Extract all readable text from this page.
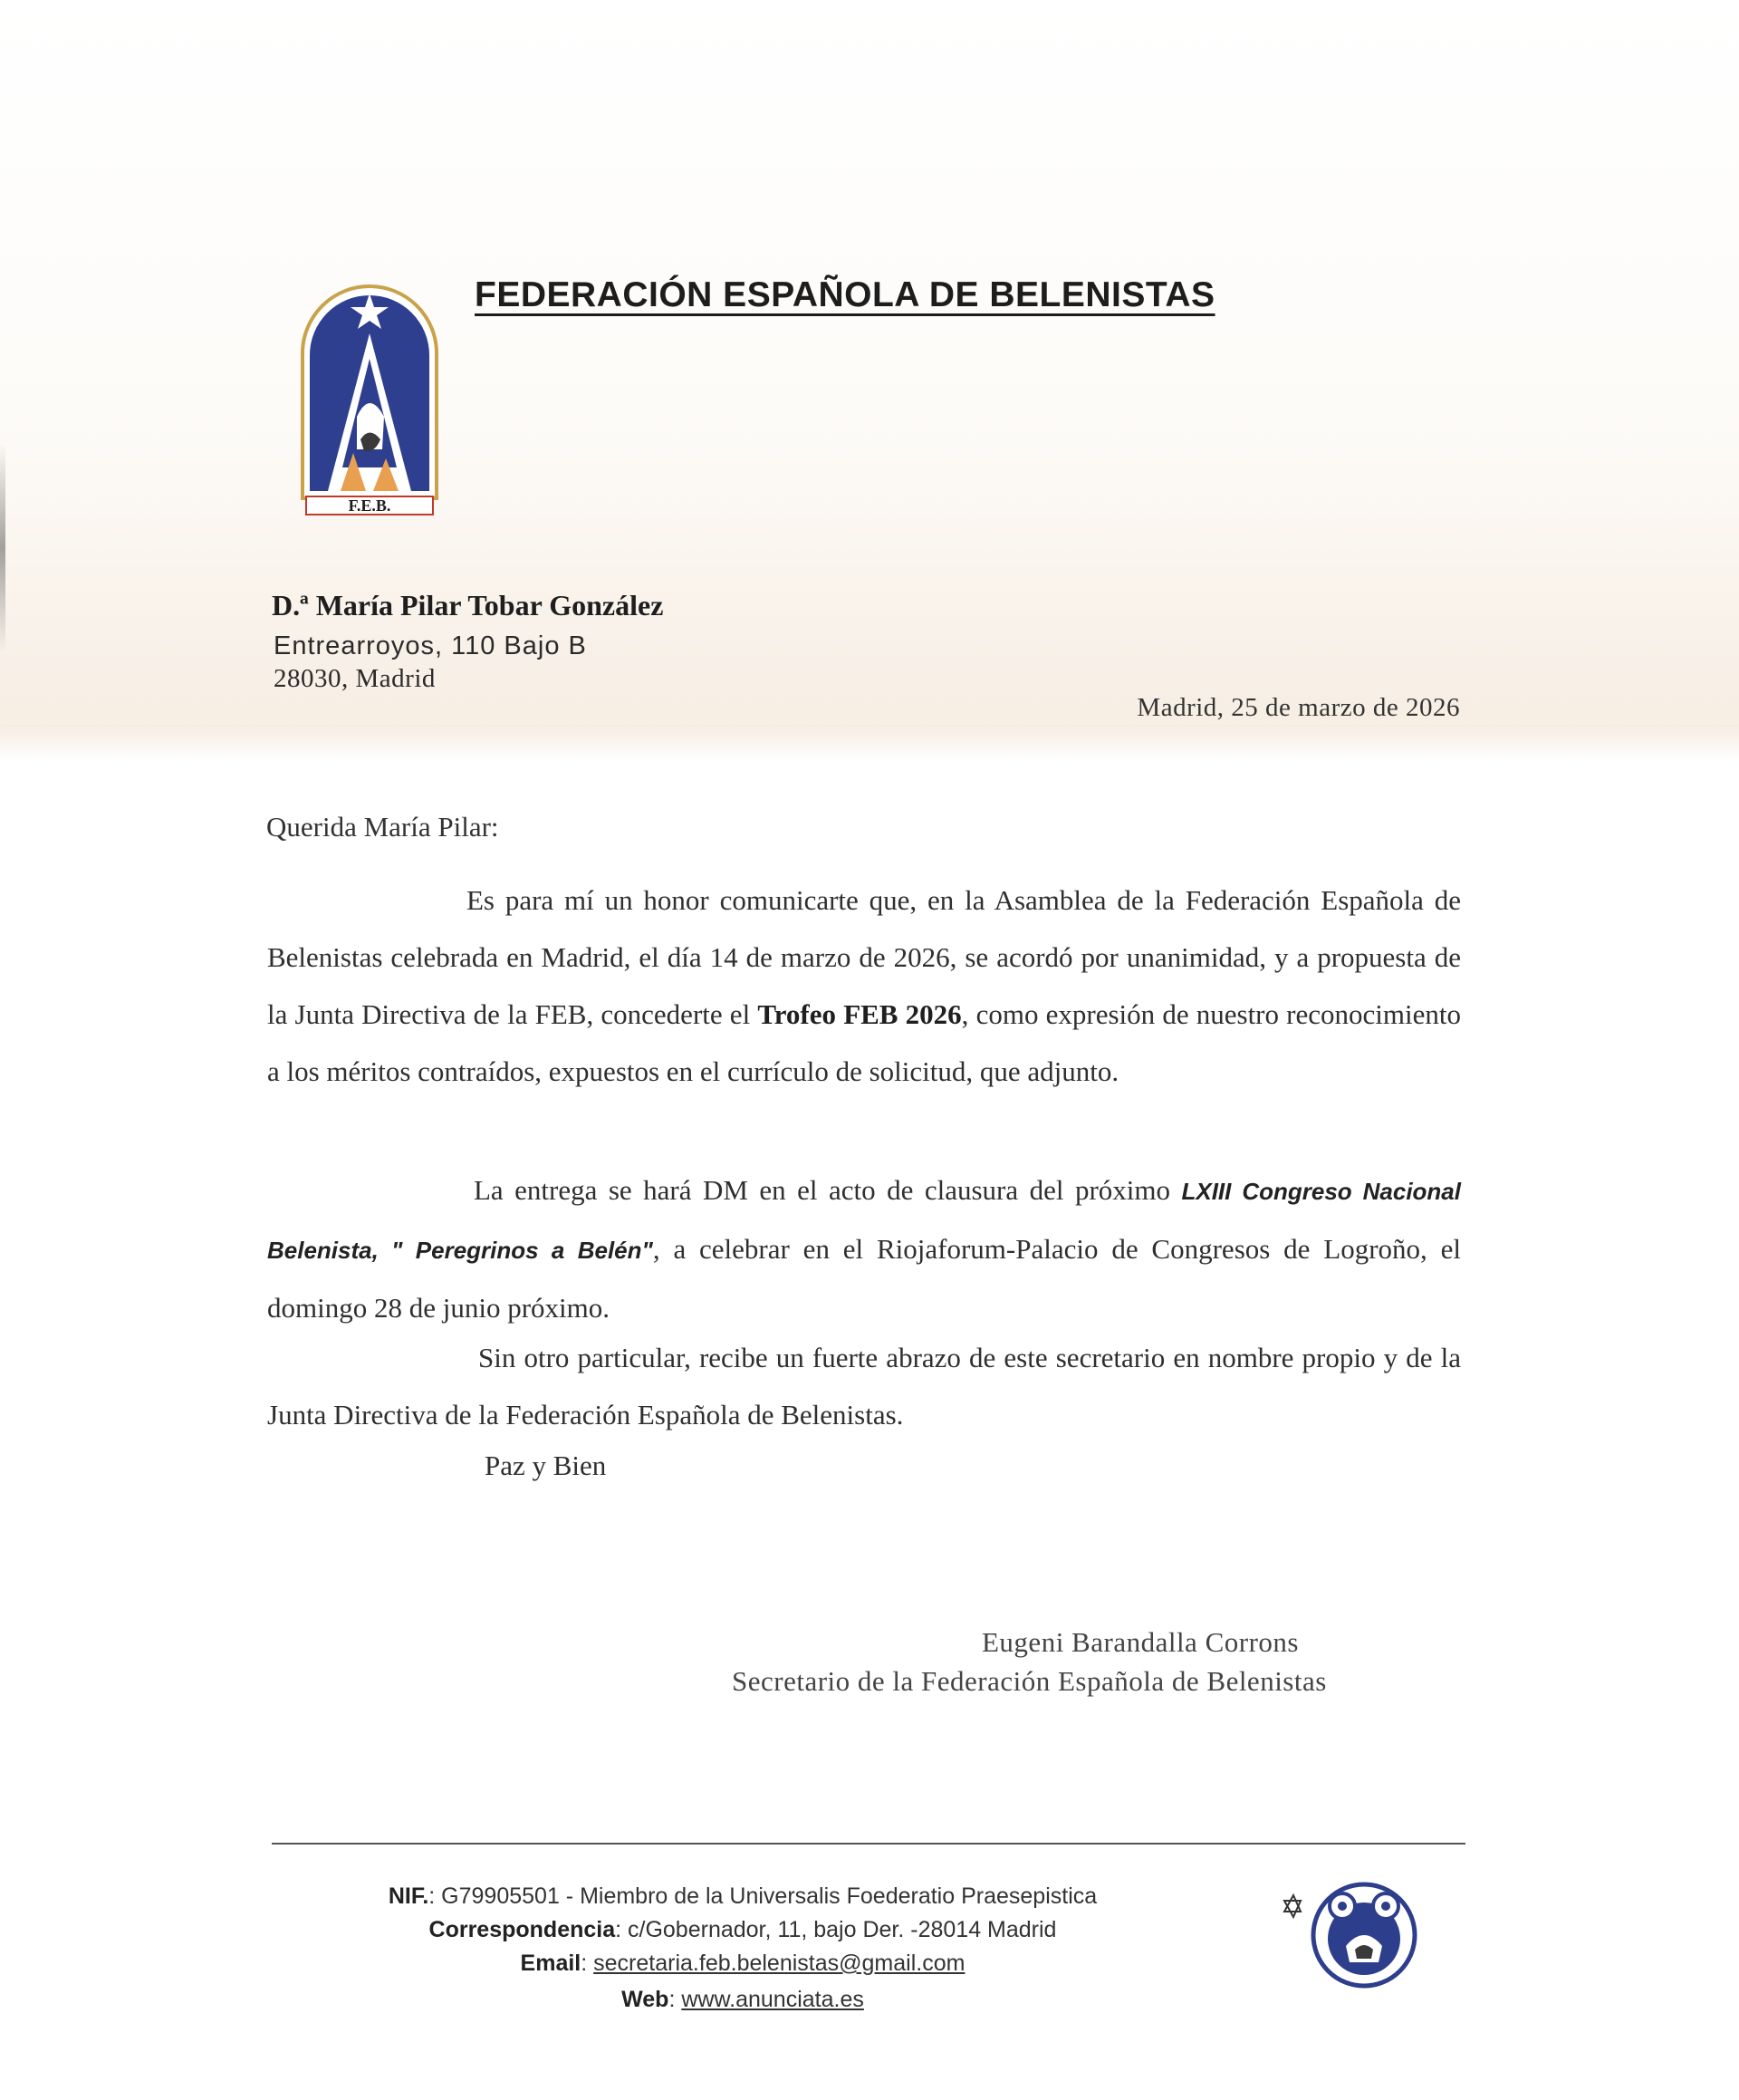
F.E.B.
FEDERACIÓN ESPAÑOLA DE BELENISTAS
D.ª María Pilar Tobar González
Entrearroyos, 110 Bajo B
28030, Madrid
Madrid, 25 de marzo de 2026
Querida María Pilar:
Es para mí un honor comunicarte que, en la Asamblea de la Federación Española de Belenistas celebrada en Madrid, el día 14 de marzo de 2026, se acordó por unanimidad, y a propuesta de la Junta Directiva de la FEB, concederte el Trofeo FEB 2026, como expresión de nuestro reconocimiento a los méritos contraídos, expuestos en el currículo de solicitud, que adjunto.
La entrega se hará DM en el acto de clausura del próximo LXIII Congreso Nacional Belenista, " Peregrinos a Belén", a celebrar en el Riojaforum-Palacio de Congresos de Logroño, el domingo 28 de junio próximo.
Sin otro particular, recibe un fuerte abrazo de este secretario en nombre propio y de la Junta Directiva de la Federación Española de Belenistas.
Paz y Bien
Eugeni Barandalla Corrons
Secretario de la Federación Española de Belenistas
NIF.: G79905501 - Miembro de la Universalis Foederatio Praesepistica
Correspondencia: c/Gobernador, 11, bajo Der. -28014 Madrid
Email: secretaria.feb.belenistas@gmail.com
Web: www.anunciata.es
